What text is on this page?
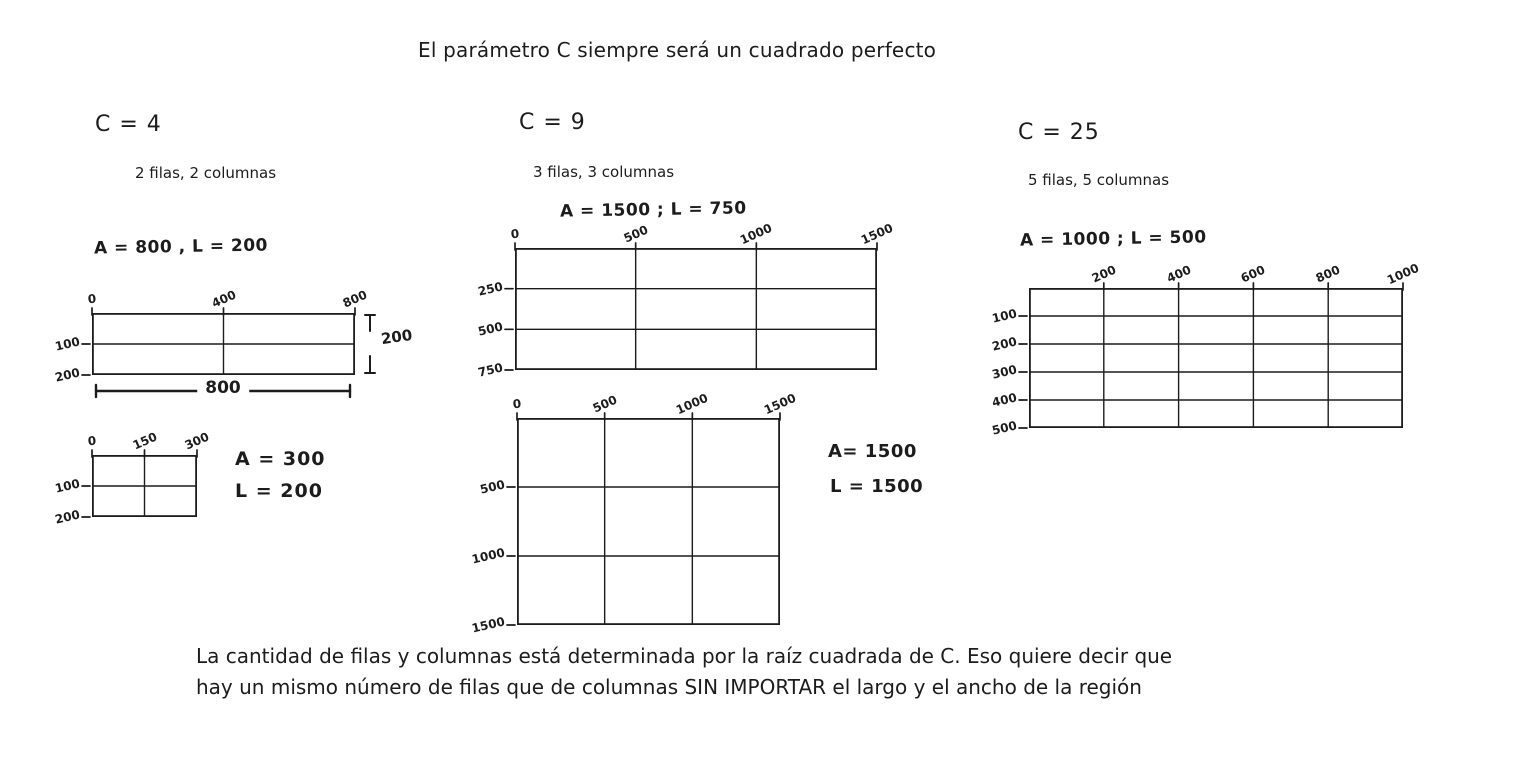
El parámetro C siempre será un cuadrado perfecto
C = 4
2 filas, 2 columnas
A = 800 , L = 200
0	400	800
100
200
200
800
0	150 300
100
200
A = 300
L = 200
C = 9
3 filas, 3 columnas
A = 1500 ; L = 750
0	500	1000	1500
250
500
750
0	500	1000	1500
500
1000
1500
A= 1500
L = 1500
C = 25
5 filas, 5 columnas
A = 1000 ; L = 500
200	400	600	800	1000
100
200
300
400
500
La cantidad de filas y columnas está determinada por la raíz cuadrada de C. Eso quiere decir que
hay un mismo número de filas que de columnas SIN IMPORTAR el largo y el ancho de la región
